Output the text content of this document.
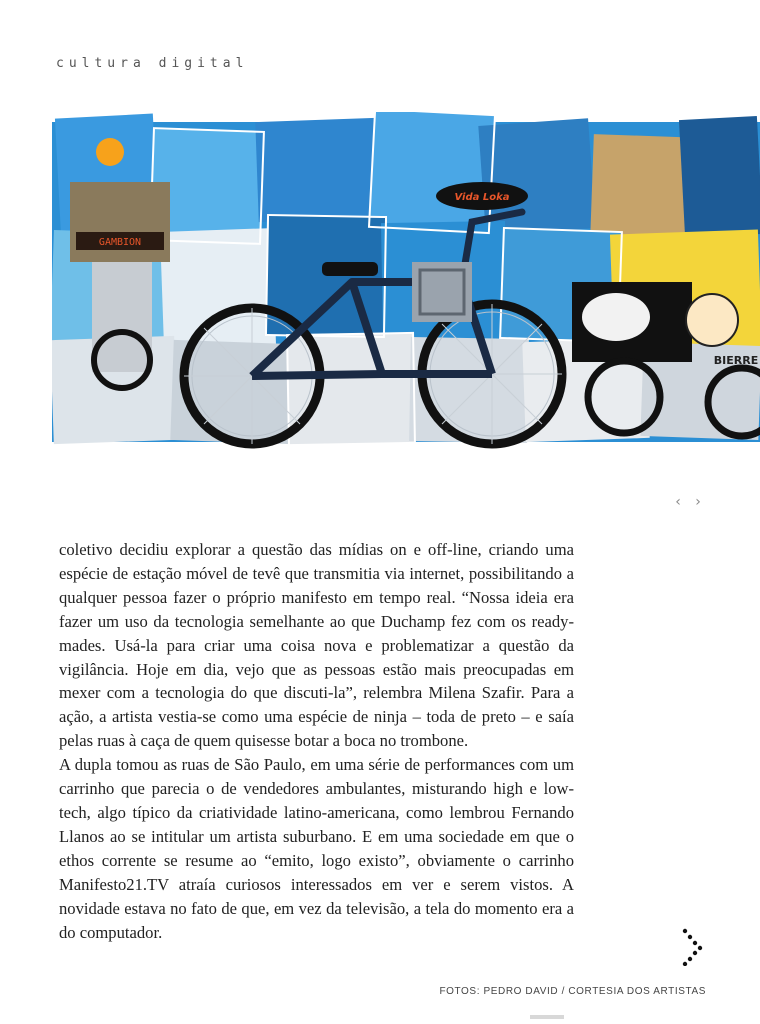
cultura digital
GAMBION
Vida Loka
BIERRE
‹ ›

coletivo decidiu explorar a questão das mídias on e off-line, criando uma espécie de estação móvel de tevê que transmitia via internet, possibilitando a qualquer pessoa fazer o próprio manifesto em tempo real. “Nossa ideia era fazer um uso da tecnologia semelhante ao que Duchamp fez com os ready-mades. Usá-la para criar uma coisa nova e problematizar a questão da vigilância. Hoje em dia, vejo que as pessoas estão mais preocupadas em mexer com a tecnologia do que discuti-la”, relembra Milena Szafir. Para a ação, a artista vestia-se como uma espécie de ninja – toda de preto – e saía pelas ruas à caça de quem quisesse botar a boca no trombone.

A dupla tomou as ruas de São Paulo, em uma série de performances com um carrinho que parecia o de vendedores ambulantes, misturando high e low-tech, algo típico da criatividade latino-americana, como lembrou Fernando Llanos ao se intitular um artista suburbano. E em uma sociedade em que o ethos corrente se resume ao “emito, logo existo”, obviamente o carrinho Manifesto21.TV atraía curiosos interessados em ver e serem vistos. A novidade estava no fato de que, em vez da televisão, a tela do momento era a do computador.

FOTOS: PEDRO DAVID / CORTESIA DOS ARTISTAS
